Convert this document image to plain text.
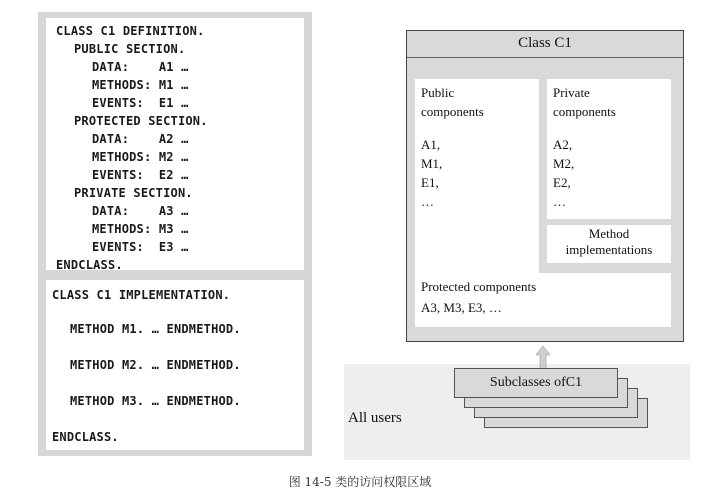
CLASS C1 DEFINITION.
PUBLIC SECTION.
DATA:    A1 …
METHODS: M1 …
EVENTS:  E1 …
PROTECTED SECTION.
DATA:    A2 …
METHODS: M2 …
EVENTS:  E2 …
PRIVATE SECTION.
DATA:    A3 …
METHODS: M3 …
EVENTS:  E3 …
ENDCLASS.
CLASS C1 IMPLEMENTATION.
METHOD M1. … ENDMETHOD.
METHOD M2. … ENDMETHOD.
METHOD M3. … ENDMETHOD.
ENDCLASS.
Class C1
Public
components
A1,
M1,
E1,
…
Private
components
A2,
M2,
E2,
…
Method
implementations
Protected components
A3, M3, E3, …
Subclasses ofC1
All users
图 14-5 类的访问权限区域
